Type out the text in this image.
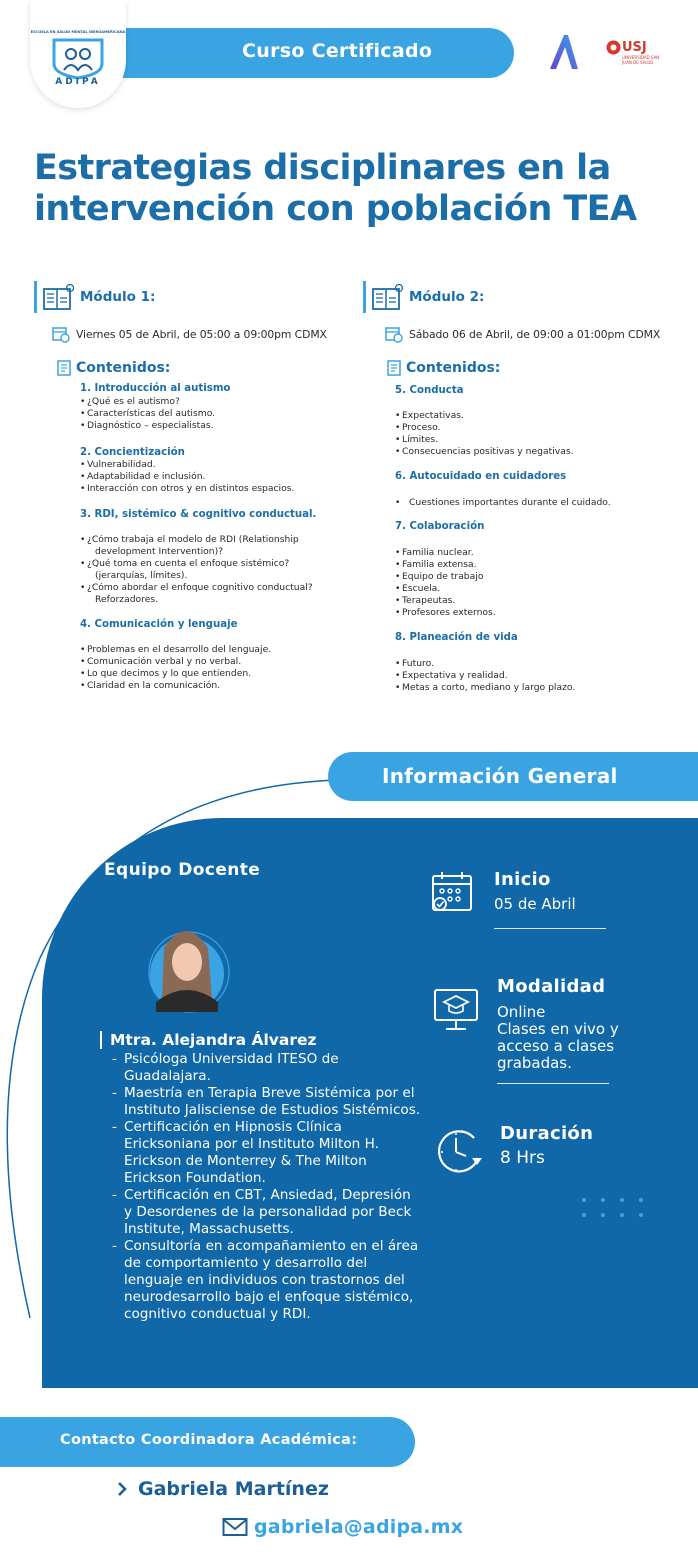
Curso Certificado
ESCUELA EN SALUD MENTAL IBEROAMERICANA
ADIPA
USJ
UNIVERSIDAD SAN JUAN DE SALUD
Estrategias disciplinares en la intervención con población TEA
Módulo 1:
Viernes 05 de Abril, de 05:00 a 09:00pm CDMX
Contenidos:
1. Introducción al autismo
• ¿Qué es el autismo?
• Características del autismo.
• Diagnóstico – especialistas.
2. Concientización
• Vulnerabilidad.
• Adaptabilidad e inclusión.
• Interacción con otros y en distintos espacios.
3. RDI, sistémico & cognitivo conductual.
• ¿Cómo trabaja el modelo de RDI (Relationship
development Intervention)?
• ¿Qué toma en cuenta el enfoque sistémico?
(jerarquías, límites).
• ¿Cómo abordar el enfoque cognitivo conductual?
Reforzadores.
4. Comunicación y lenguaje
• Problemas en el desarrollo del lenguaje.
• Comunicación verbal y no verbal.
• Lo que decimos y lo que entienden.
• Claridad en la comunicación.
Módulo 2:
Sábado 06 de Abril, de 09:00 a 01:00pm CDMX
Contenidos:
5. Conducta
• Expectativas.
• Proceso.
• Límites.
• Consecuencias positivas y negativas.
6. Autocuidado en cuidadores
• Cuestiones importantes durante el cuidado.
7. Colaboración
• Familia nuclear.
• Familia extensa.
• Equipo de trabajo
• Escuela.
• Terapeutas.
• Profesores externos.
8. Planeación de vida
• Futuro.
• Expectativa y realidad.
• Metas a corto, mediano y largo plazo.
Información General
Equipo Docente
Mtra. Alejandra Álvarez
- Psicóloga Universidad ITESO de Guadalajara.
- Maestría en Terapia Breve Sistémica por el Instituto Jalisciense de Estudios Sistémicos.
- Certificación en Hipnosis Clínica Ericksoniana por el Instituto Milton H. Erickson de Monterrey & The Milton Erickson Foundation.
- Certificación en CBT, Ansiedad, Depresión y Desordenes de la personalidad por Beck Institute, Massachusetts.
- Consultoría en acompañamiento en el área de comportamiento y desarrollo del lenguaje en individuos con trastornos del neurodesarrollo bajo el enfoque sistémico, cognitivo conductual y RDI.
Inicio
05 de Abril
Modalidad
Online
Clases en vivo y
acceso a clases
grabadas.
Duración
8 Hrs
Contacto Coordinadora Académica:
Gabriela Martínez
gabriela@adipa.mx
